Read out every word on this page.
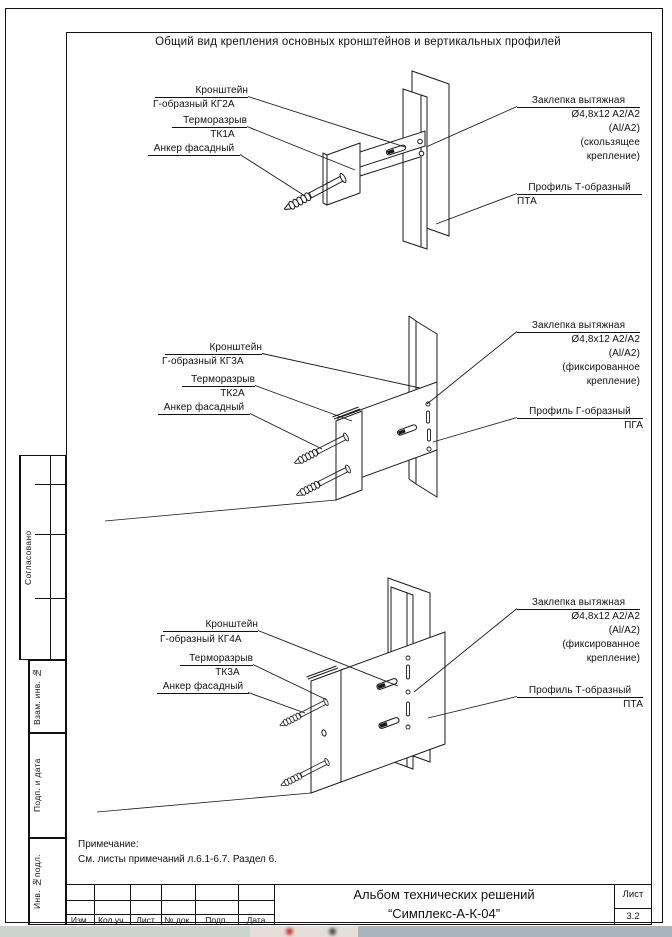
Общий вид крепления основных кронштейнов и вертикальных профилей
Кронштейн
Г-образный КГ2А
Терморазрыв
ТК1А
Анкер фасадный
Заклепка вытяжная
Ø4,8x12 A2/A2
(Al/A2)
(скользящее
крепление)
Профиль Т-образный
ПТА
Кронштейн
Г-образный КГ3А
Терморазрыв
ТК2А
Анкер фасадный
Заклепка вытяжная
Ø4,8x12 A2/A2
(Al/A2)
(фиксированное
крепление)
Профиль Г-образный
ПГА
Кронштейн
Г-образный КГ4А
Терморазрыв
ТК3А
Анкер фасадный
Заклепка вытяжная
Ø4,8x12 A2/A2
(Al/A2)
(фиксированное
крепление)
Профиль Т-образный
ПТА
Примечание:
См. листы примечаний л.6.1-6.7. Раздел 6.
Согласовано
Взам. инв. №
Подп. и дата
Инв. №подл.
Изм.	Кол.уч.	Лист	№ док.	Подп.	Дата
Альбом технических решений
“Симплекс-А-К-04”
Лист
3.2
